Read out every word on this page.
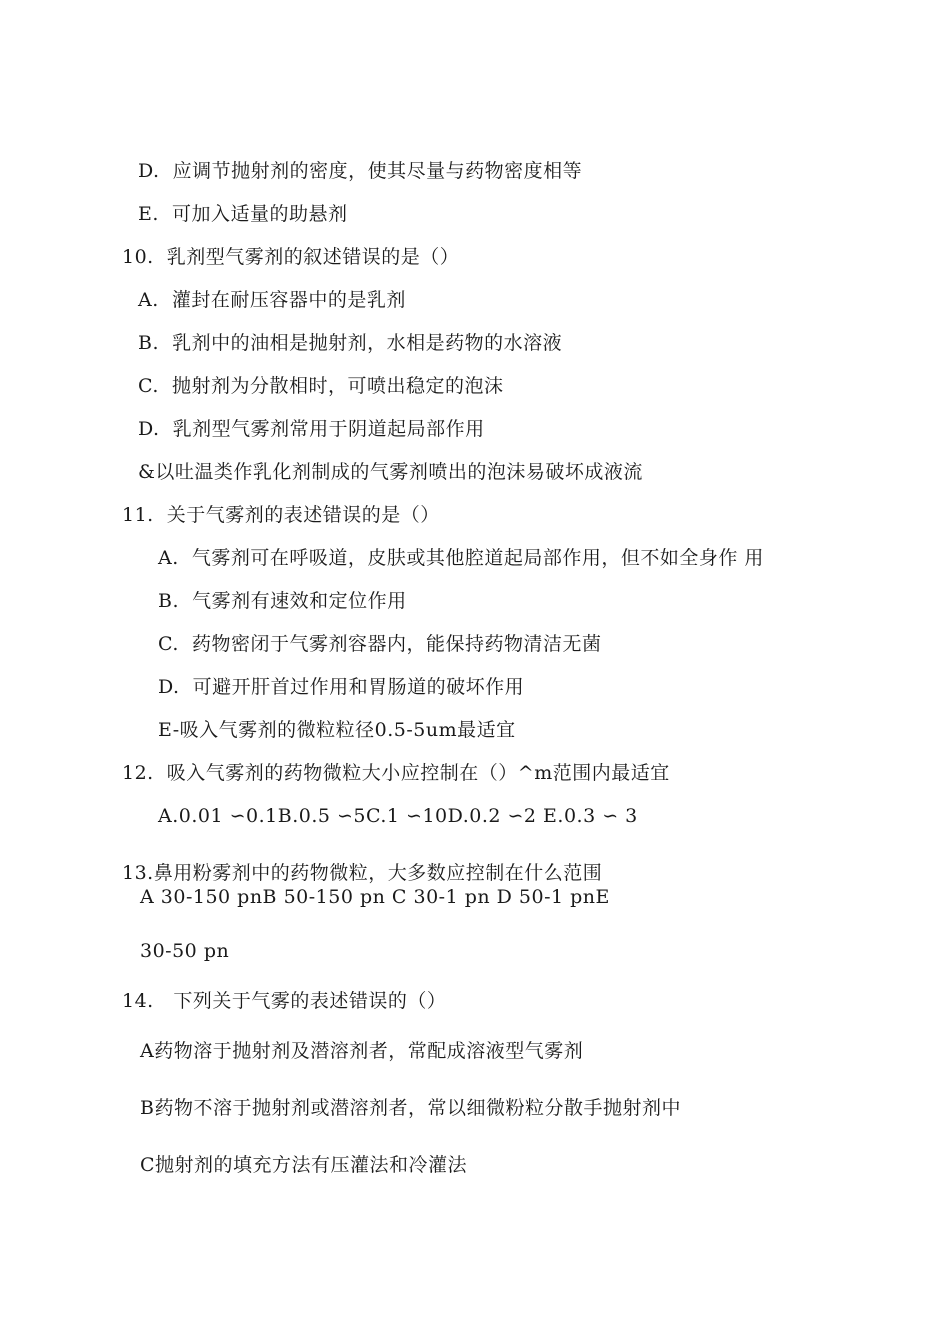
D.  应调节抛射剂的密度，使其尽量与药物密度相等
E.  可加入适量的助悬剂
10.  乳剂型气雾剂的叙述错误的是（）
A.  灌封在耐压容器中的是乳剂
B.  乳剂中的油相是抛射剂，水相是药物的水溶液
C.  抛射剂为分散相时，可喷出稳定的泡沫
D.  乳剂型气雾剂常用于阴道起局部作用
&以吐温类作乳化剂制成的气雾剂喷出的泡沫易破坏成液流
11.  关于气雾剂的表述错误的是（）
A.  气雾剂可在呼吸道，皮肤或其他腔道起局部作用，但不如全身作 用
B.  气雾剂有速效和定位作用
C.  药物密闭于气雾剂容器内，能保持药物清洁无菌
D.  可避开肝首过作用和胃肠道的破坏作用
E-吸入气雾剂的微粒粒径0.5-5um最适宜
12.  吸入气雾剂的药物微粒大小应控制在（）^m范围内最适宜
A.0.01 ∽0.1B.0.5 ∽5C.1 ∽10D.0.2 ∽2 E.0.3 ∽ 3
13.鼻用粉雾剂中的药物微粒，大多数应控制在什么范围
A 30-150 pnB 50-150 pn C 30-1 pn D 50-1 pnE
30-50 pn
14.   下列关于气雾的表述错误的（）
A药物溶于抛射剂及潜溶剂者，常配成溶液型气雾剂
B药物不溶于抛射剂或潜溶剂者，常以细微粉粒分散手抛射剂中
C抛射剂的填充方法有压灌法和冷灌法
